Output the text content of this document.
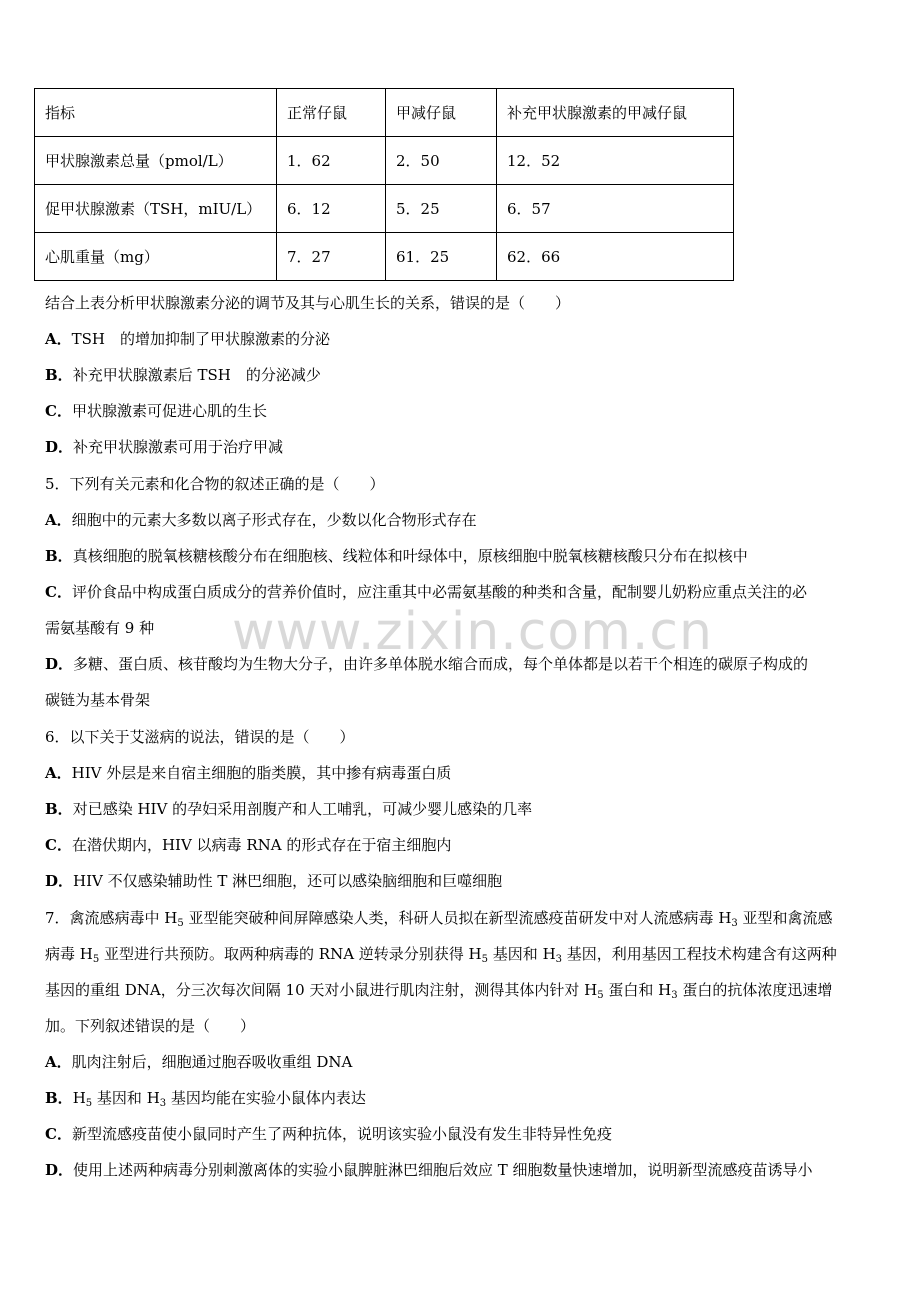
指标	正常仔鼠	甲减仔鼠	补充甲状腺激素的甲减仔鼠
甲状腺激素总量（pmol/L）	1．62	2．50	12．52
促甲状腺激素（TSH，mIU/L）	6．12	5．25	6．57
心肌重量（mg）	7．27	61．25	62．66
www.zixin.com.cn
结合上表分析甲状腺激素分泌的调节及其与心肌生长的关系，错误的是（　　）
A．TSH　的增加抑制了甲状腺激素的分泌
B．补充甲状腺激素后 TSH　的分泌减少
C．甲状腺激素可促进心肌的生长
D．补充甲状腺激素可用于治疗甲减
5．下列有关元素和化合物的叙述正确的是（　　）
A．细胞中的元素大多数以离子形式存在，少数以化合物形式存在
B．真核细胞的脱氧核糖核酸分布在细胞核、线粒体和叶绿体中，原核细胞中脱氧核糖核酸只分布在拟核中
C．评价食品中构成蛋白质成分的营养价值时，应注重其中必需氨基酸的种类和含量，配制婴儿奶粉应重点关注的必
需氨基酸有 9 种
D．多糖、蛋白质、核苷酸均为生物大分子，由许多单体脱水缩合而成，每个单体都是以若干个相连的碳原子构成的
碳链为基本骨架
6．以下关于艾滋病的说法，错误的是（　　）
A．HIV 外层是来自宿主细胞的脂类膜，其中掺有病毒蛋白质
B．对已感染 HIV 的孕妇采用剖腹产和人工哺乳，可减少婴儿感染的几率
C．在潜伏期内，HIV 以病毒 RNA 的形式存在于宿主细胞内
D．HIV 不仅感染辅助性 T 淋巴细胞，还可以感染脑细胞和巨噬细胞
7．禽流感病毒中 $H_5$ 亚型能突破种间屏障感染人类，科研人员拟在新型流感疫苗研发中对人流感病毒 $H_3$ 亚型和禽流感
病毒 $H_5$ 亚型进行共预防。取两种病毒的 RNA 逆转录分别获得 $H_5$ 基因和 $H_3$ 基因，利用基因工程技术构建含有这两种
基因的重组 DNA，分三次每次间隔 10 天对小鼠进行肌肉注射，测得其体内针对 $H_5$ 蛋白和 $H_3$ 蛋白的抗体浓度迅速增
加。下列叙述错误的是（　　）
A．肌肉注射后，细胞通过胞吞吸收重组 DNA
B．$H_5$ 基因和 $H_3$ 基因均能在实验小鼠体内表达
C．新型流感疫苗使小鼠同时产生了两种抗体，说明该实验小鼠没有发生非特异性免疫
D．使用上述两种病毒分别刺激离体的实验小鼠脾脏淋巴细胞后效应 T 细胞数量快速增加，说明新型流感疫苗诱导小
